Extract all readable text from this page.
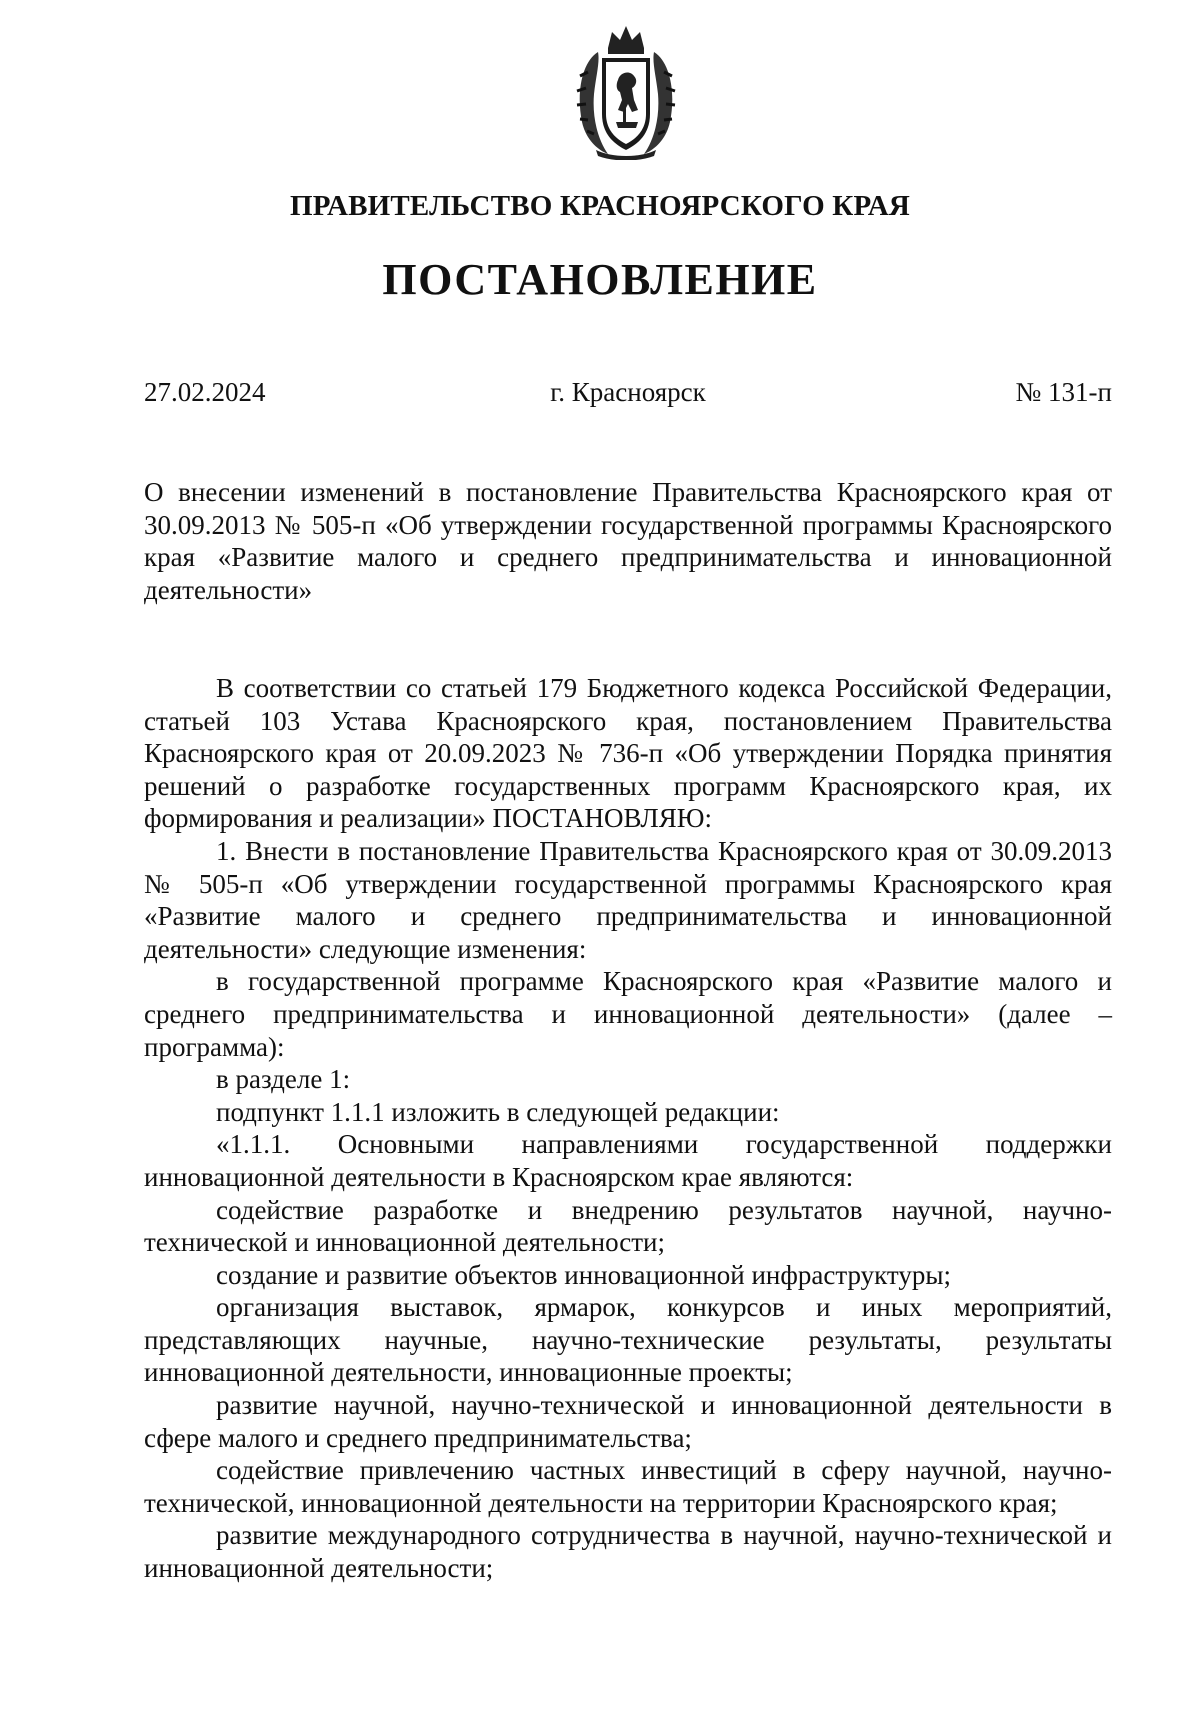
ПРАВИТЕЛЬСТВО КРАСНОЯРСКОГО КРАЯ
ПОСТАНОВЛЕНИЕ
27.02.2024	г. Красноярск	№ 131-п
О внесении изменений в постановление Правительства Красноярского края от 30.09.2013 № 505-п «Об утверждении государственной программы Красноярского края «Развитие малого и среднего предпринимательства и инновационной деятельности»

В соответствии со статьей 179 Бюджетного кодекса Российской Федерации, статьей 103 Устава Красноярского края, постановлением Правительства Красноярского края от 20.09.2023 № 736-п «Об утверждении Порядка принятия решений о разработке государственных программ Красноярского края, их формирования и реализации» ПОСТАНОВЛЯЮ:

1. Внести в постановление Правительства Красноярского края от 30.09.2013 № 505-п «Об утверждении государственной программы Красноярского края «Развитие малого и среднего предпринимательства и инновационной деятельности» следующие изменения:

в государственной программе Красноярского края «Развитие малого и среднего предпринимательства и инновационной деятельности» (далее – программа):

в разделе 1:

подпункт 1.1.1 изложить в следующей редакции:

«1.1.1. Основными направлениями государственной поддержки инновационной деятельности в Красноярском крае являются:

содействие разработке и внедрению результатов научной, научно-технической и инновационной деятельности;

создание и развитие объектов инновационной инфраструктуры;

организация выставок, ярмарок, конкурсов и иных мероприятий, представляющих научные, научно-технические результаты, результаты инновационной деятельности, инновационные проекты;

развитие научной, научно-технической и инновационной деятельности в сфере малого и среднего предпринимательства;

содействие привлечению частных инвестиций в сферу научной, научно-технической, инновационной деятельности на территории Красноярского края;

развитие международного сотрудничества в научной, научно-технической и инновационной деятельности;
